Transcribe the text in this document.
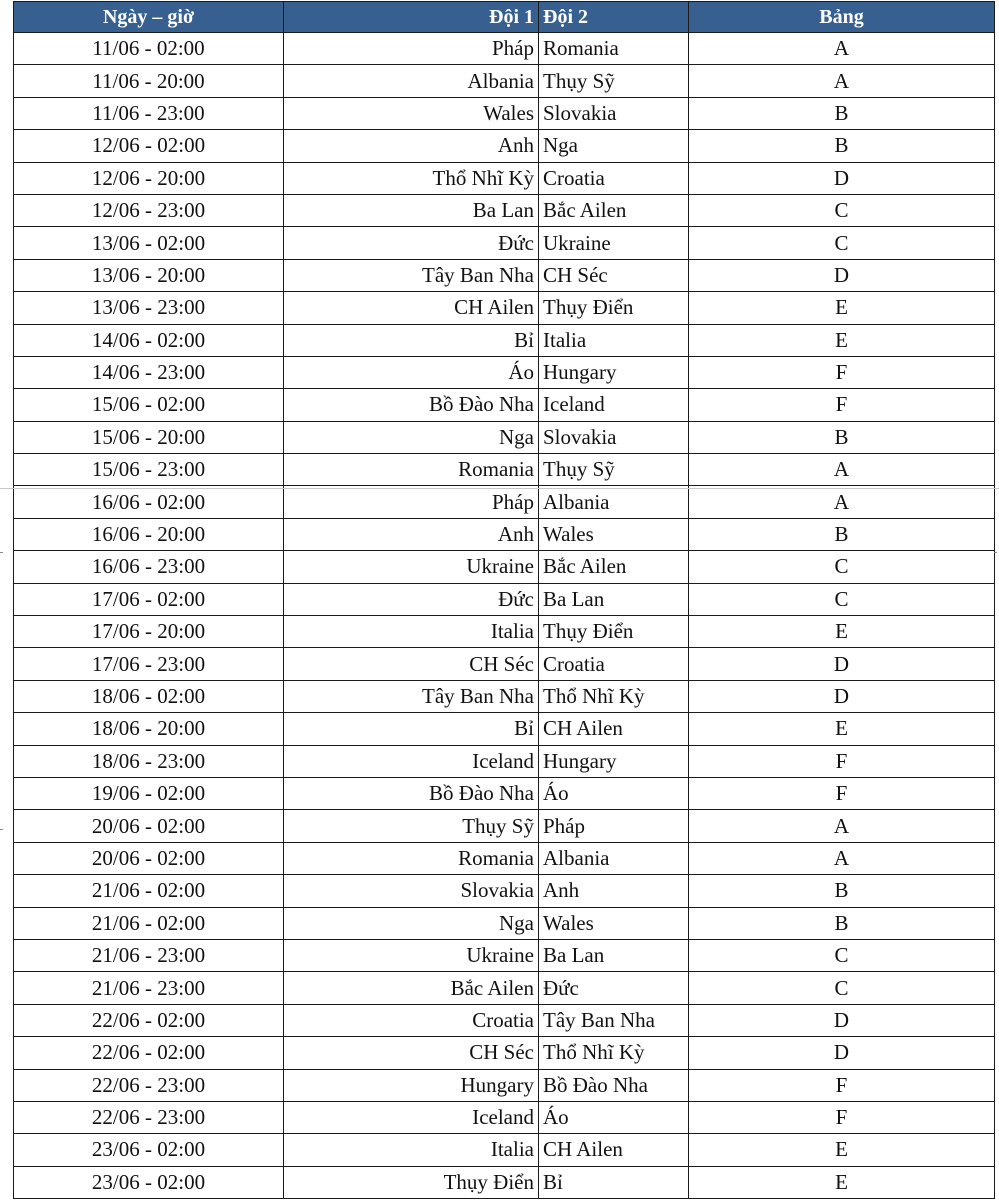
Ngày – giờ	Đội 1	Đội 2	Bảng
11/06 - 02:00	Pháp	Romania	A
11/06 - 20:00	Albania	Thụy Sỹ	A
11/06 - 23:00	Wales	Slovakia	B
12/06 - 02:00	Anh	Nga	B
12/06 - 20:00	Thổ Nhĩ Kỳ	Croatia	D
12/06 - 23:00	Ba Lan	Bắc Ailen	C
13/06 - 02:00	Đức	Ukraine	C
13/06 - 20:00	Tây Ban Nha	CH Séc	D
13/06 - 23:00	CH Ailen	Thụy Điển	E
14/06 - 02:00	Bỉ	Italia	E
14/06 - 23:00	Áo	Hungary	F
15/06 - 02:00	Bồ Đào Nha	Iceland	F
15/06 - 20:00	Nga	Slovakia	B
15/06 - 23:00	Romania	Thụy Sỹ	A
16/06 - 02:00	Pháp	Albania	A
16/06 - 20:00	Anh	Wales	B
16/06 - 23:00	Ukraine	Bắc Ailen	C
17/06 - 02:00	Đức	Ba Lan	C
17/06 - 20:00	Italia	Thụy Điển	E
17/06 - 23:00	CH Séc	Croatia	D
18/06 - 02:00	Tây Ban Nha	Thổ Nhĩ Kỳ	D
18/06 - 20:00	Bỉ	CH Ailen	E
18/06 - 23:00	Iceland	Hungary	F
19/06 - 02:00	Bồ Đào Nha	Áo	F
20/06 - 02:00	Thụy Sỹ	Pháp	A
20/06 - 02:00	Romania	Albania	A
21/06 - 02:00	Slovakia	Anh	B
21/06 - 02:00	Nga	Wales	B
21/06 - 23:00	Ukraine	Ba Lan	C
21/06 - 23:00	Bắc Ailen	Đức	C
22/06 - 02:00	Croatia	Tây Ban Nha	D
22/06 - 02:00	CH Séc	Thổ Nhĩ Kỳ	D
22/06 - 23:00	Hungary	Bồ Đào Nha	F
22/06 - 23:00	Iceland	Áo	F
23/06 - 02:00	Italia	CH Ailen	E
23/06 - 02:00	Thụy Điển	Bỉ	E
